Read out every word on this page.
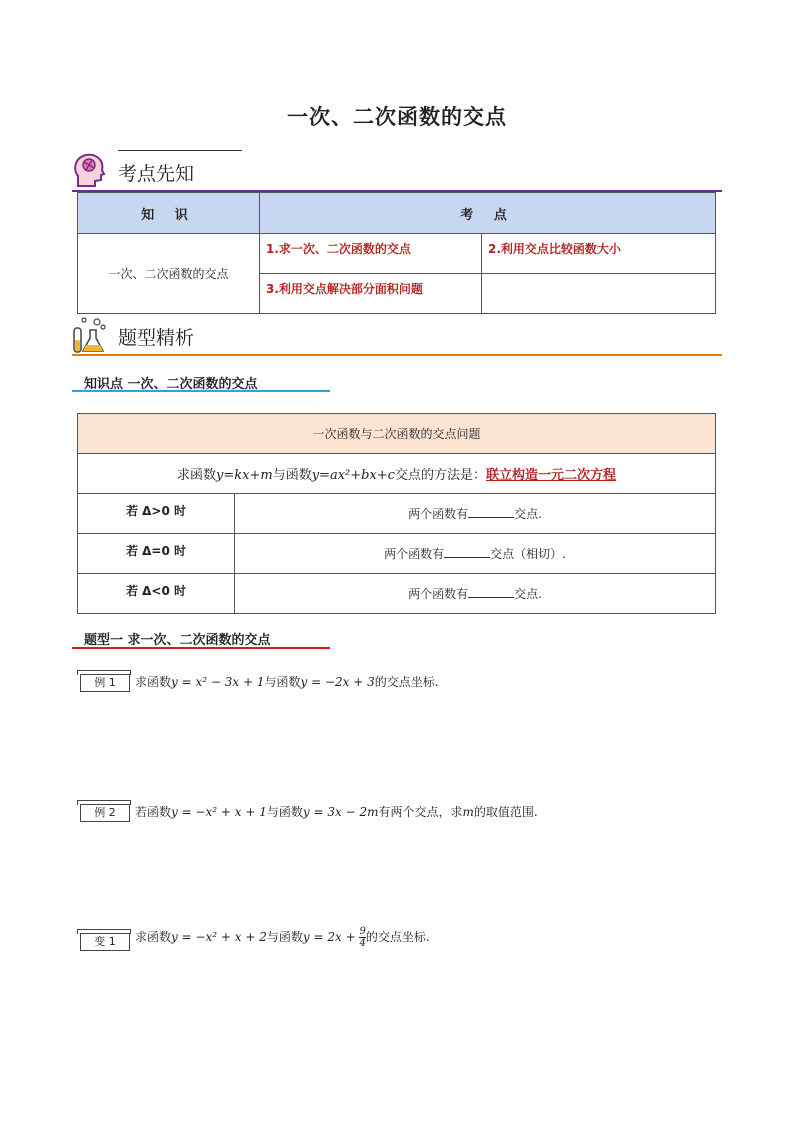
一次、二次函数的交点
考点先知
知 识	考 点	
一次、二次函数的交点	1.求一次、二次函数的交点	2.利用交点比较函数大小
	3.利用交点解决部分面积问题	
题型精析
知识点 一次、二次函数的交点
一次函数与二次函数的交点问题	
求函数y=kx+m与函数y=ax²+bx+c交点的方法是：联立构造一元二次方程	
若 Δ>0 时	两个函数有 交点.
若 Δ=0 时	两个函数有 交点（相切）.
若 Δ<0 时	两个函数有 交点.
题型一 求一次、二次函数的交点
例 1	求函数y = x² − 3x + 1与函数y = −2x + 3的交点坐标.
例 2	若函数y = −x² + x + 1与函数y = 3x − 2m有两个交点，求m的取值范围.
变 1	求函数y = −x² + x + 2与函数$y = 2x + \frac{9}{4}$ 的交点坐标.
